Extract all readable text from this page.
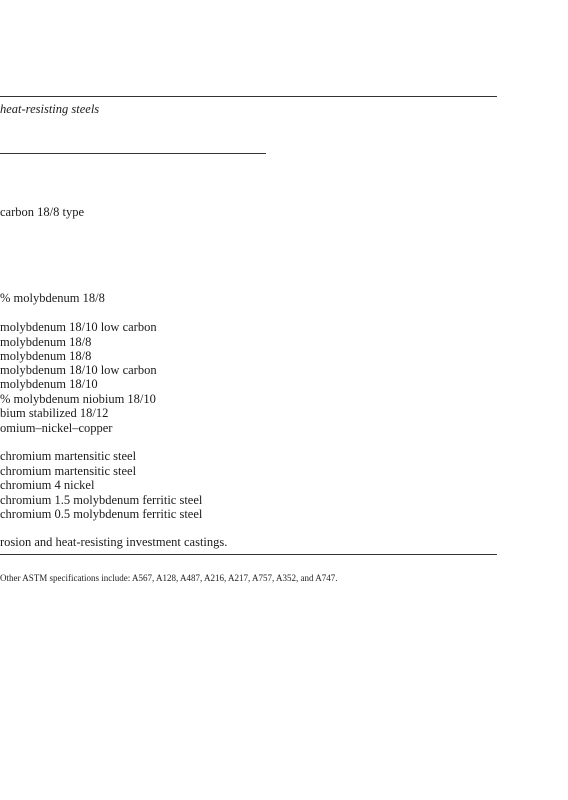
heat-resisting steels
carbon 18/8 type
% molybdenum 18/8
molybdenum 18/10 low carbon
molybdenum 18/8
molybdenum 18/8
molybdenum 18/10 low carbon
molybdenum 18/10
% molybdenum niobium 18/10
bium stabilized 18/12
omium–nickel–copper
chromium martensitic steel
chromium martensitic steel
chromium 4 nickel
chromium 1.5 molybdenum ferritic steel
chromium 0.5 molybdenum ferritic steel
rosion and heat-resisting investment castings.
Other ASTM specifications include: A567, A128, A487, A216, A217, A757, A352, and A747.
